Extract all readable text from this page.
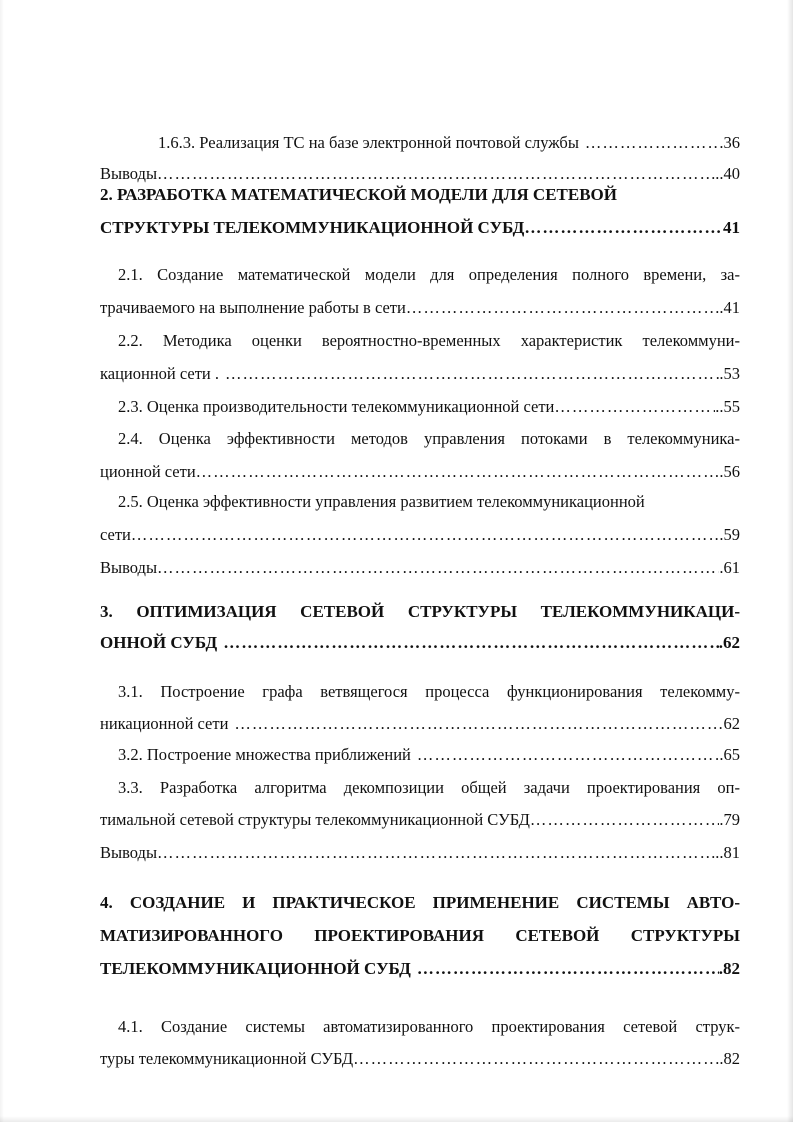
1.6.3. Реализация ТС на базе электронной почтовой службы …………………………………………………………………………………………………………………………………………………………	.36
Выводы …………………………………………………………………………………………………………………………………………………………	..40
2. РАЗРАБОТКА МАТЕМАТИЧЕСКОЙ МОДЕЛИ ДЛЯ СЕТЕВОЙ
СТРУКТУРЫ ТЕЛЕКОММУНИКАЦИОННОЙ СУБД …………………………………………………………………………………………………………………………………………………………	41
2.1. Создание математической модели для определения полного времени, за-
трачиваемого на выполнение работы в сети …………………………………………………………………………………………………………………………………………………………	..41
2.2. Методика оценки вероятностно-временных характеристик телекоммуни-
кационной сети . …………………………………………………………………………………………………………………………………………………………	.53
2.3. Оценка производительности телекоммуникационной сети …………………………………………………………………………………………………………………………………………………………	..55
2.4. Оценка эффективности методов управления потоками в телекоммуника-
ционной сети …………………………………………………………………………………………………………………………………………………………	.56
2.5. Оценка эффективности управления развитием телекоммуникационной
сети …………………………………………………………………………………………………………………………………………………………	.59
Выводы …………………………………………………………………………………………………………………………………………………………	.61
3. ОПТИМИЗАЦИЯ СЕТЕВОЙ СТРУКТУРЫ ТЕЛЕКОММУНИКАЦИ-
ОННОЙ СУБД …………………………………………………………………………………………………………………………………………………………	.62
3.1. Построение графа ветвящегося процесса функционирования телекомму-
никационной сети …………………………………………………………………………………………………………………………………………………………	62
3.2. Построение множества приближений …………………………………………………………………………………………………………………………………………………………	.65
3.3. Разработка алгоритма декомпозиции общей задачи проектирования оп-
тимальной сетевой структуры телекоммуникационной СУБД …………………………………………………………………………………………………………………………………………………………	.79
Выводы …………………………………………………………………………………………………………………………………………………………	..81
4. СОЗДАНИЕ И ПРАКТИЧЕСКОЕ ПРИМЕНЕНИЕ СИСТЕМЫ АВТО-
МАТИЗИРОВАННОГО ПРОЕКТИРОВАНИЯ СЕТЕВОЙ СТРУКТУРЫ
ТЕЛЕКОММУНИКАЦИОННОЙ СУБД …………………………………………………………………………………………………………………………………………………………	.82
4.1. Создание системы автоматизированного проектирования сетевой струк-
туры телекоммуникационной СУБД …………………………………………………………………………………………………………………………………………………………	..82
